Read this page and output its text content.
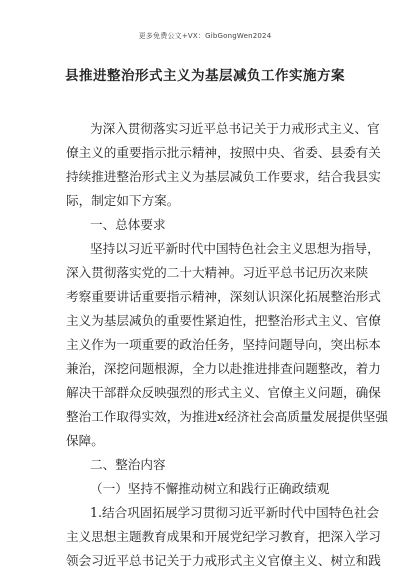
更多免费公文+VX：GibGongWen2024
县推进整治形式主义为基层减负工作实施方案
为深入贯彻落实习近平总书记关于力戒形式主义、官
僚主义的重要指示批示精神，按照中央、省委、县委有关
持续推进整治形式主义为基层减负工作要求，结合我县实
际，制定如下方案。
一、总体要求
坚持以习近平新时代中国特色社会主义思想为指导，
深入贯彻落实党的二十大精神。习近平总书记历次来陕
考察重要讲话重要指示精神，深刻认识深化拓展整治形式
主义为基层减负的重要性紧迫性，把整治形式主义、官僚
主义作为一项重要的政治任务，坚持问题导向，突出标本
兼治，深挖问题根源，全力以赴推进排查问题整改，着力
解决干部群众反映强烈的形式主义、官僚主义问题，确保
整治工作取得实效，为推进x经济社会高质量发展提供坚强
保障。
二、整治内容
（一）坚持不懈推动树立和践行正确政绩观
1.结合巩固拓展学习贯彻习近平新时代中国特色社会
主义思想主题教育成果和开展党纪学习教育，把深入学习
领会习近平总书记关于力戒形式主义官僚主义、树立和践
